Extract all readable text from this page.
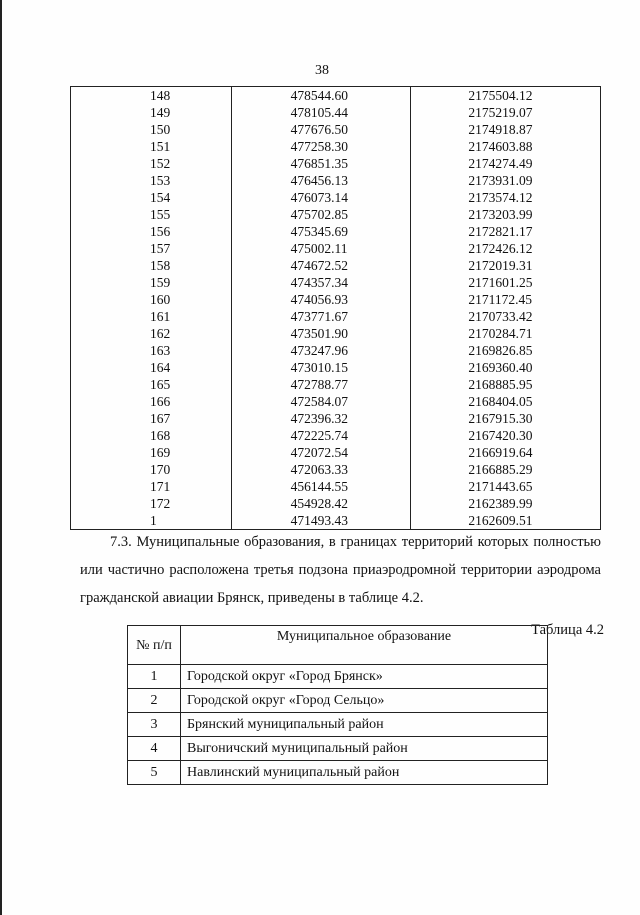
38
148	478544.60	2175504.12
149	478105.44	2175219.07
150	477676.50	2174918.87
151	477258.30	2174603.88
152	476851.35	2174274.49
153	476456.13	2173931.09
154	476073.14	2173574.12
155	475702.85	2173203.99
156	475345.69	2172821.17
157	475002.11	2172426.12
158	474672.52	2172019.31
159	474357.34	2171601.25
160	474056.93	2171172.45
161	473771.67	2170733.42
162	473501.90	2170284.71
163	473247.96	2169826.85
164	473010.15	2169360.40
165	472788.77	2168885.95
166	472584.07	2168404.05
167	472396.32	2167915.30
168	472225.74	2167420.30
169	472072.54	2166919.64
170	472063.33	2166885.29
171	456144.55	2171443.65
172	454928.42	2162389.99
1	471493.43	2162609.51
7.3. Муниципальные образования, в границах территорий которых полностью или частично расположена третья подзона приаэродромной территории аэродрома гражданской авиации Брянск, приведены в таблице 4.2.
Таблица 4.2
№ п/п	Муниципальное образование
1	Городской округ «Город Брянск»
2	Городской округ «Город Сельцо»
3	Брянский муниципальный район
4	Выгоничский муниципальный район
5	Навлинский муниципальный район
